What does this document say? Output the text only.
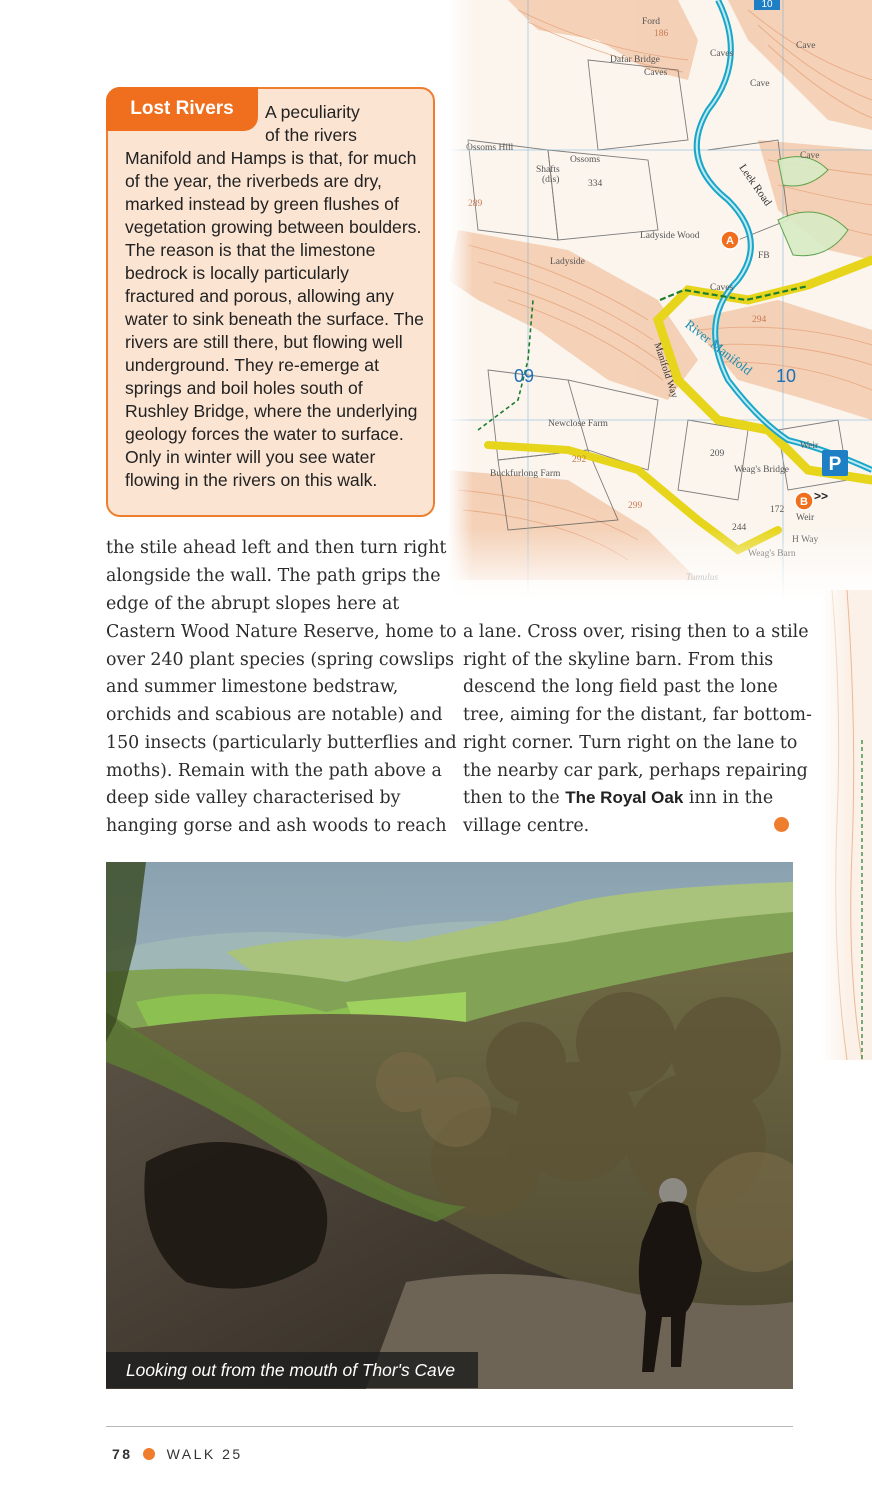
Lost Rivers	A peculiarity
of the rivers
Manifold and Hamps is that, for much
of the year, the riverbeds are dry,
marked instead by green flushes of
vegetation growing between boulders.
The reason is that the limestone
bedrock is locally particularly
fractured and porous, allowing any
water to sink beneath the surface. The
rivers are still there, but flowing well
underground. They re-emerge at
springs and boil holes south of
Rushley Bridge, where the underlying
geology forces the water to surface.
Only in winter will you see water
flowing in the rivers on this walk.
the stile ahead left and then turn right
alongside the wall. The path grips the
edge of the abrupt slopes here at
Castern Wood Nature Reserve, home to
over 240 plant species (spring cowslips
and summer limestone bedstraw,
orchids and scabious are notable) and
150 insects (particularly butterflies and
moths). Remain with the path above a
deep side valley characterised by
hanging gorse and ash woods to reach
a lane. Cross over, rising then to a stile
right of the skyline barn. From this
descend the long field past the lone
tree, aiming for the distant, far bottom-
right corner. Turn right on the lane to
the nearby car park, perhaps repairing
then to the The Royal Oak inn in the
village centre.
Looking out from the mouth of Thor's Cave
78 WALK 25
